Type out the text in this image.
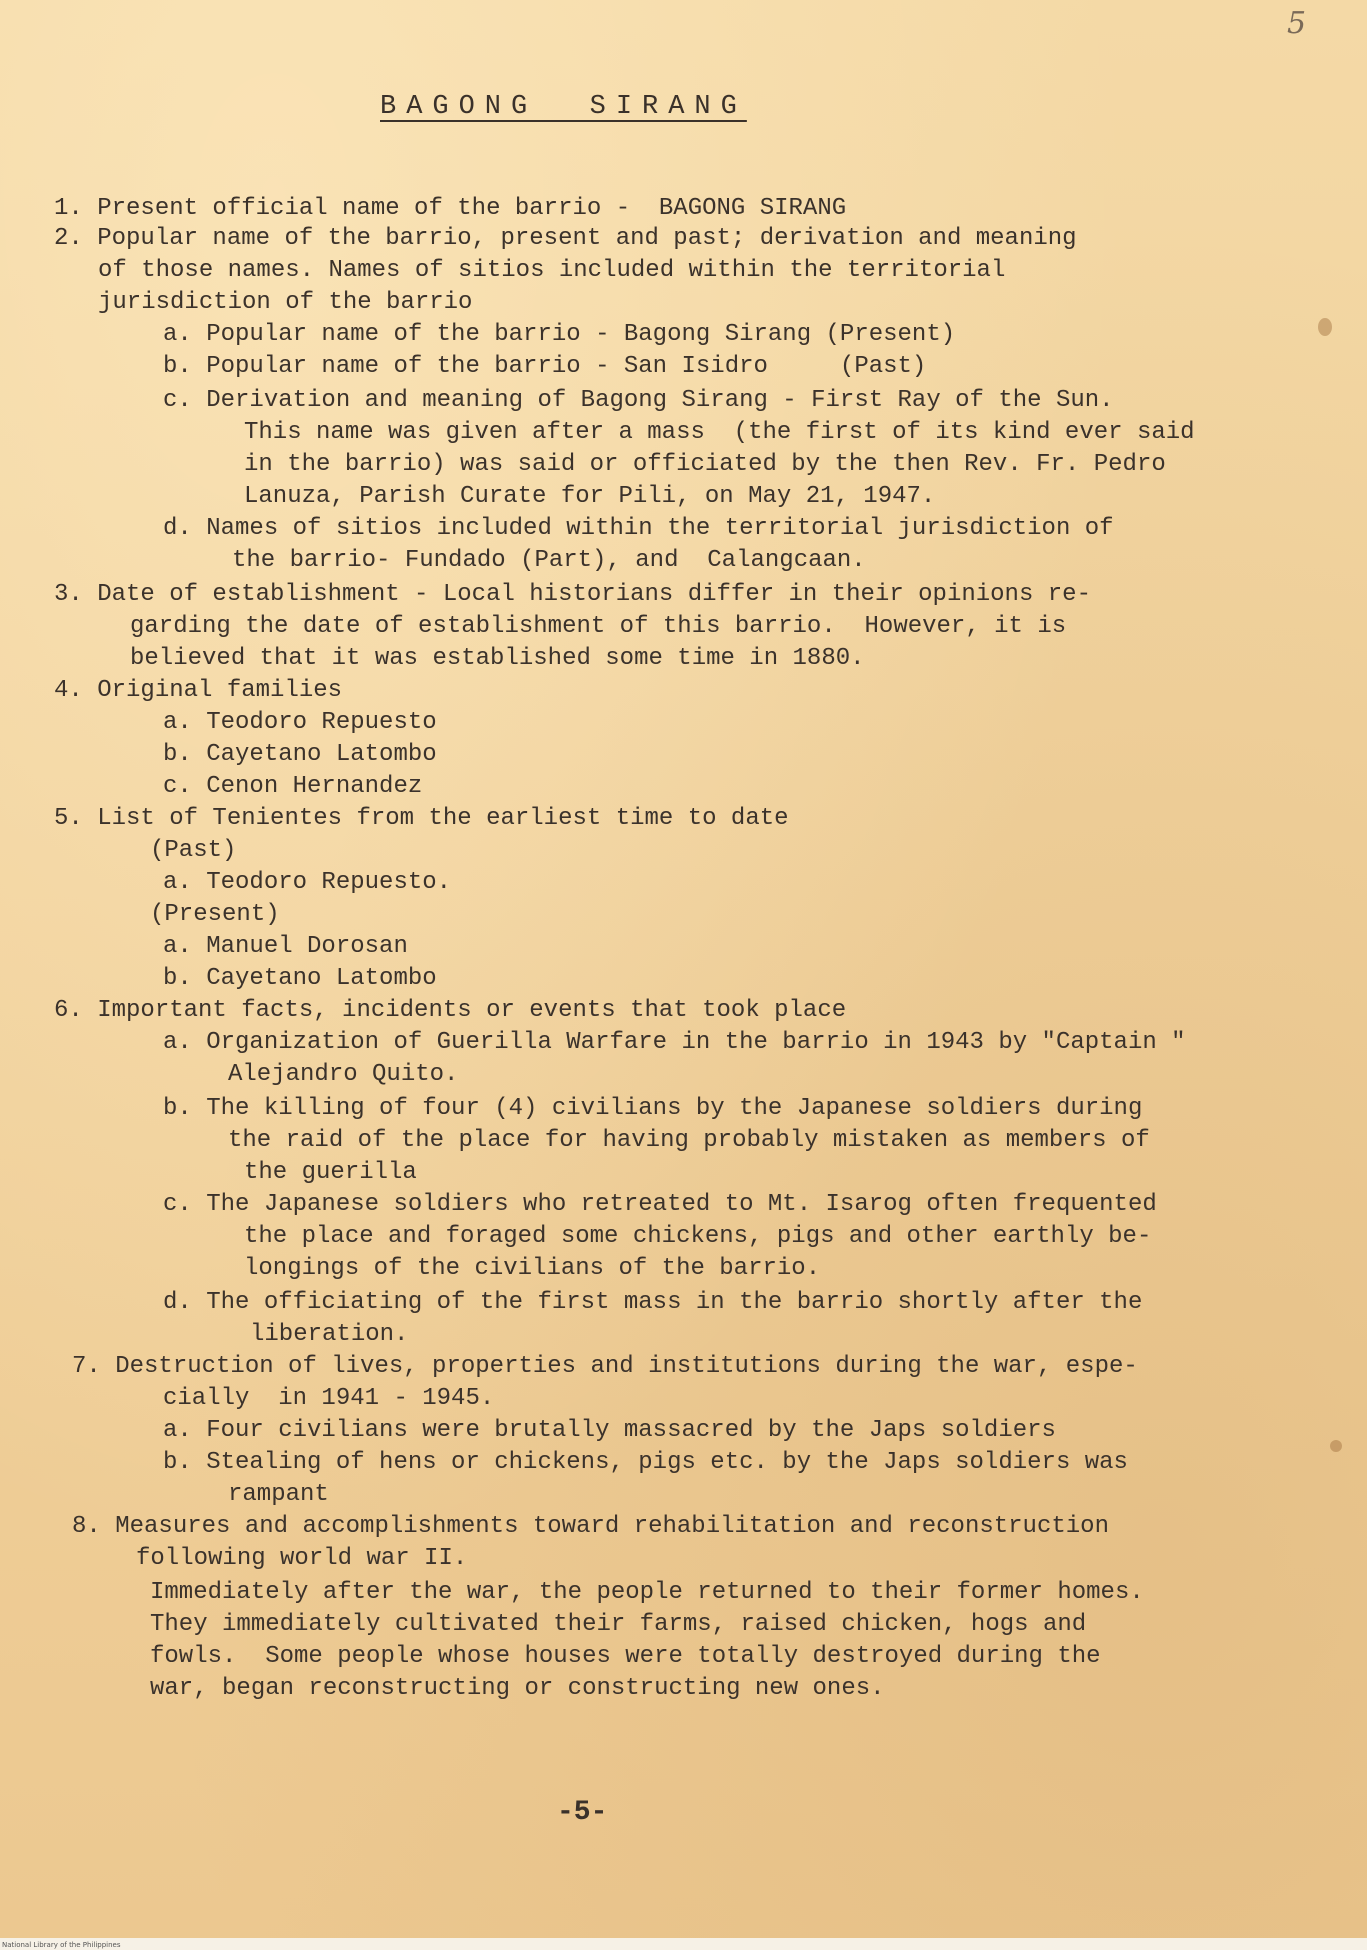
5
BAGONG  SIRANG
1. Present official name of the barrio -  BAGONG SIRANG
2. Popular name of the barrio, present and past; derivation and meaning
of those names. Names of sitios included within the territorial
jurisdiction of the barrio
a. Popular name of the barrio - Bagong Sirang (Present)
b. Popular name of the barrio - San Isidro     (Past)
c. Derivation and meaning of Bagong Sirang - First Ray of the Sun.
This name was given after a mass  (the first of its kind ever said
in the barrio) was said or officiated by the then Rev. Fr. Pedro
Lanuza, Parish Curate for Pili, on May 21, 1947.
d. Names of sitios included within the territorial jurisdiction of
the barrio- Fundado (Part), and  Calangcaan.
3. Date of establishment - Local historians differ in their opinions re-
garding the date of establishment of this barrio.  However, it is
believed that it was established some time in 1880.
4. Original families
a. Teodoro Repuesto
b. Cayetano Latombo
c. Cenon Hernandez
5. List of Tenientes from the earliest time to date
(Past)
a. Teodoro Repuesto.
(Present)
a. Manuel Dorosan
b. Cayetano Latombo
6. Important facts, incidents or events that took place
a. Organization of Guerilla Warfare in the barrio in 1943 by "Captain "
Alejandro Quito.
b. The killing of four (4) civilians by the Japanese soldiers during
the raid of the place for having probably mistaken as members of
the guerilla
c. The Japanese soldiers who retreated to Mt. Isarog often frequented
the place and foraged some chickens, pigs and other earthly be-
longings of the civilians of the barrio.
d. The officiating of the first mass in the barrio shortly after the
liberation.
7. Destruction of lives, properties and institutions during the war, espe-
cially  in 1941 - 1945.
a. Four civilians were brutally massacred by the Japs soldiers
b. Stealing of hens or chickens, pigs etc. by the Japs soldiers was
rampant
8. Measures and accomplishments toward rehabilitation and reconstruction
following world war II.
Immediately after the war, the people returned to their former homes.
They immediately cultivated their farms, raised chicken, hogs and
fowls.  Some people whose houses were totally destroyed during the
war, began reconstructing or constructing new ones.
-5-
National Library of the Philippines
